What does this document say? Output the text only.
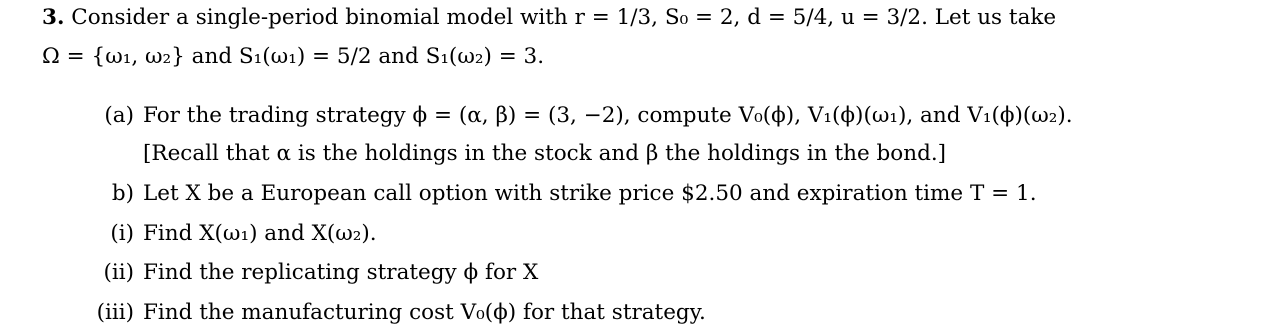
3. Consider a single-period binomial model with r = 1/3, S₀ = 2, d = 5/4, u = 3/2. Let us take
Ω = {ω₁, ω₂} and S₁(ω₁) = 5/2 and S₁(ω₂) = 3.
(a) For the trading strategy ϕ = (α, β) = (3, −2), compute V₀(ϕ), V₁(ϕ)(ω₁), and V₁(ϕ)(ω₂).
[Recall that α is the holdings in the stock and β the holdings in the bond.]
b) Let X be a European call option with strike price $2.50 and expiration time T = 1.
(i) Find X(ω₁) and X(ω₂).
(ii) Find the replicating strategy ϕ for X
(iii) Find the manufacturing cost V₀(ϕ) for that strategy.
